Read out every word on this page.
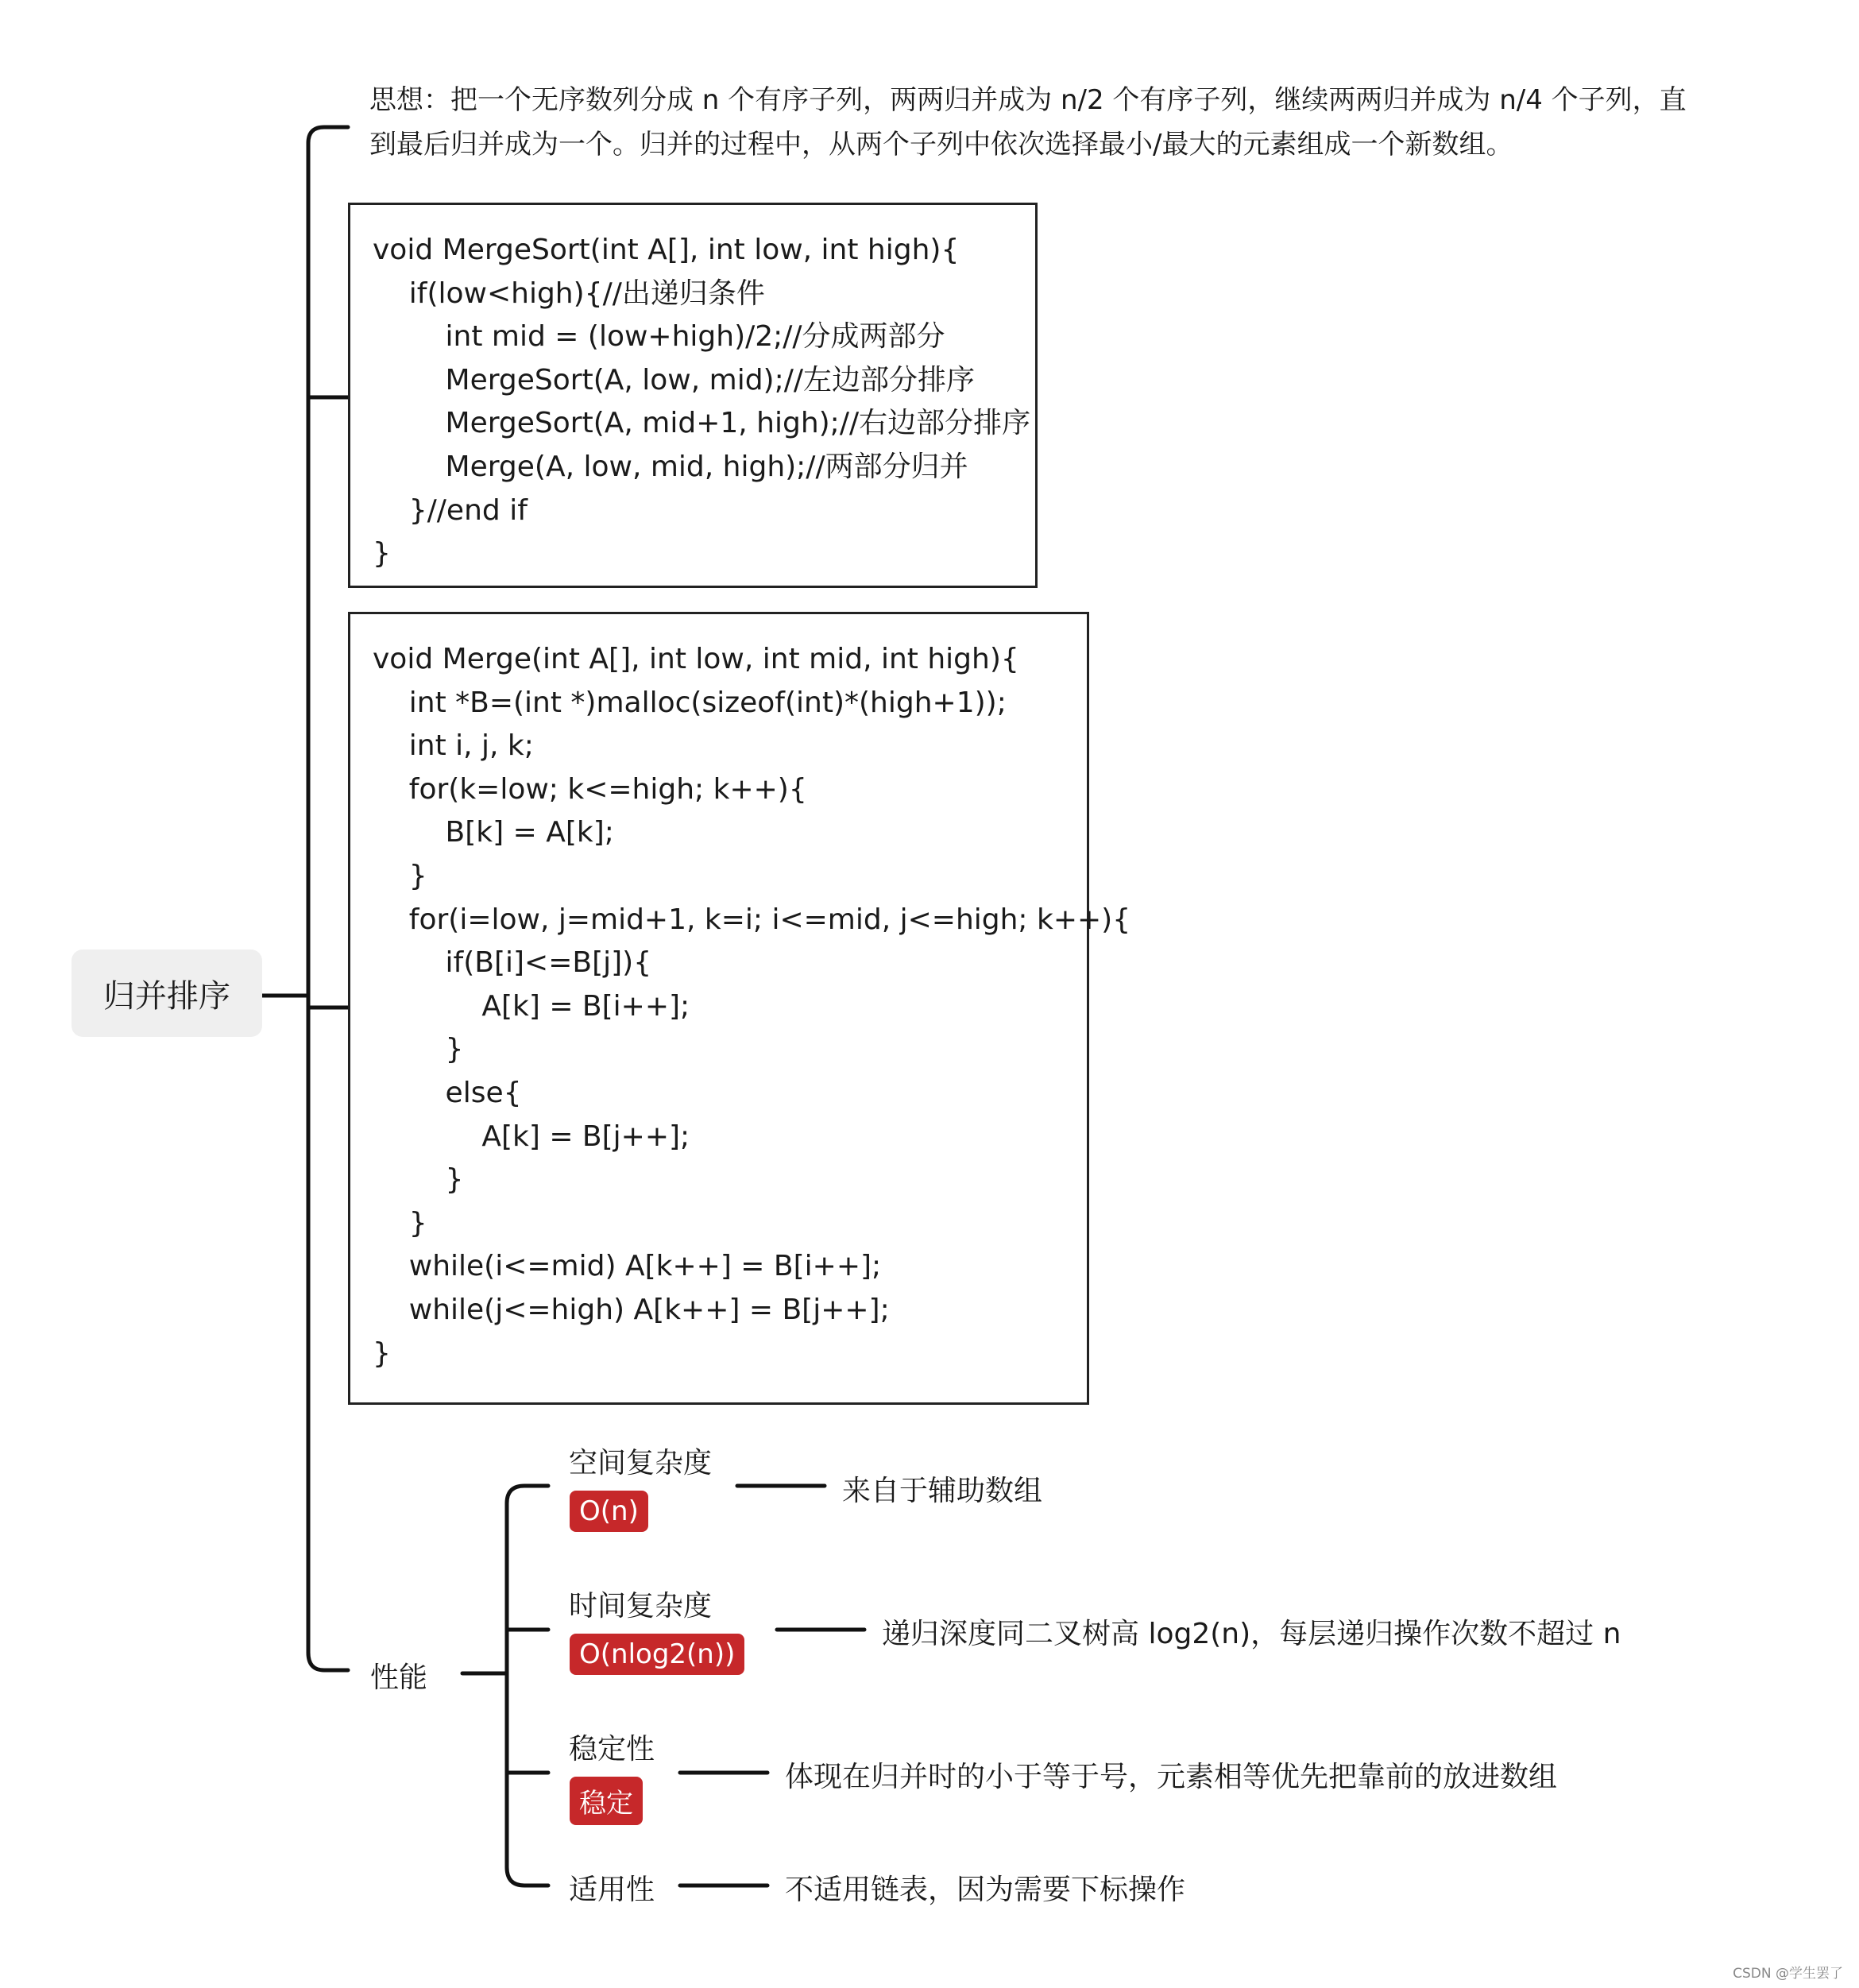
归并排序
思想：把一个无序数列分成 n 个有序子列，两两归并成为 n/2 个有序子列，继续两两归并成为 n/4 个子列，直
到最后归并成为一个。归并的过程中，从两个子列中依次选择最小/最大的元素组成一个新数组。
void MergeSort(int A[], int low, int high){
if(low<high){//出递归条件
int mid = (low+high)/2;//分成两部分
MergeSort(A, low, mid);//左边部分排序
MergeSort(A, mid+1, high);//右边部分排序
Merge(A, low, mid, high);//两部分归并
}//end if
}
void Merge(int A[], int low, int mid, int high){
int *B=(int *)malloc(sizeof(int)*(high+1));
int i, j, k;
for(k=low; k<=high; k++){
B[k] = A[k];
}
for(i=low, j=mid+1, k=i; i<=mid, j<=high; k++){
if(B[i]<=B[j]){
A[k] = B[i++];
}
else{
A[k] = B[j++];
}
}
while(i<=mid) A[k++] = B[i++];
while(j<=high) A[k++] = B[j++];
}
性能
空间复杂度
O(n)
来自于辅助数组
时间复杂度
O(nlog2(n))
递归深度同二叉树高 log2(n)，每层递归操作次数不超过 n
稳定性
稳定
体现在归并时的小于等于号，元素相等优先把靠前的放进数组
适用性	不适用链表，因为需要下标操作
CSDN @学生罢了
